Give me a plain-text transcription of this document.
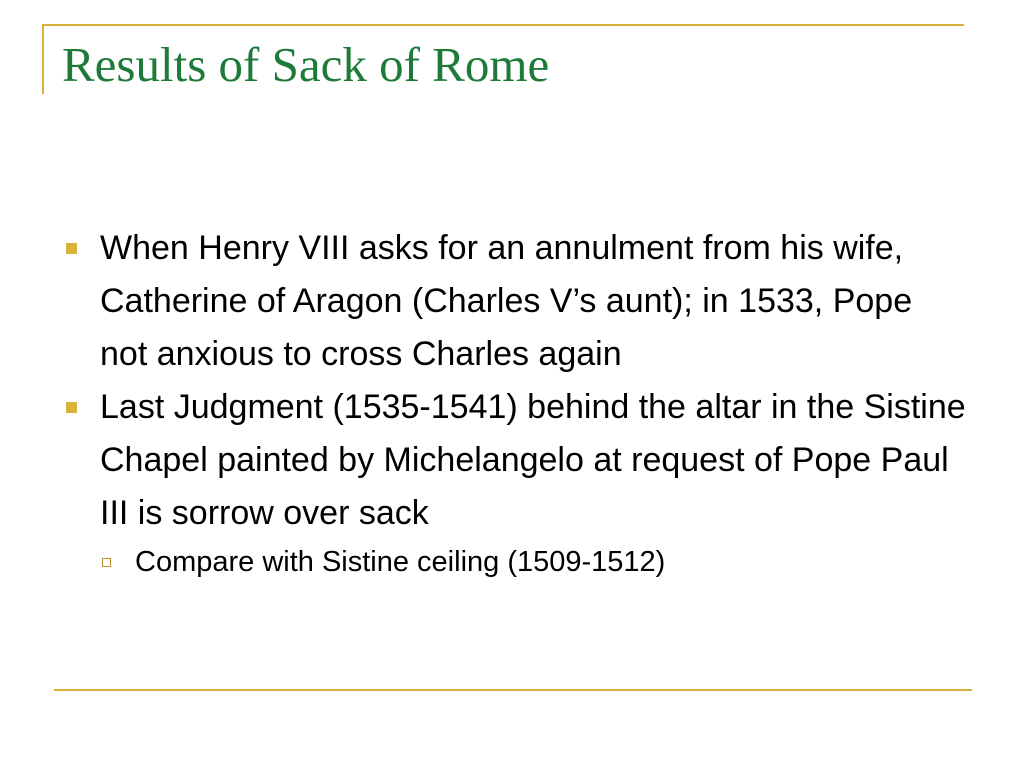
Results of Sack of Rome
When Henry VIII asks for an annulment from his wife, Catherine of Aragon (Charles V’s aunt); in 1533, Pope not anxious to cross Charles again
Last Judgment (1535-1541) behind the altar in the Sistine Chapel painted by Michelangelo at request of Pope Paul III is sorrow over sack
Compare with Sistine ceiling (1509-1512)
